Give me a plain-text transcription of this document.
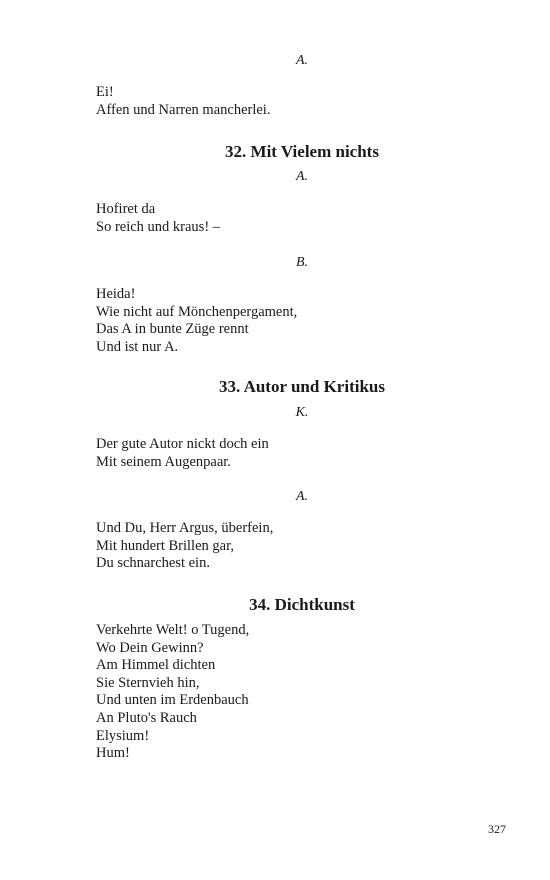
A.
Ei!
Affen und Narren mancherlei.
32. Mit Vielem nichts
A.
Hofiret da
So reich und kraus! –
B.
Heida!
Wie nicht auf Mönchenpergament,
Das A in bunte Züge rennt
Und ist nur A.
33. Autor und Kritikus
K.
Der gute Autor nickt doch ein
Mit seinem Augenpaar.
A.
Und Du, Herr Argus, überfein,
Mit hundert Brillen gar,
Du schnarchest ein.
34. Dichtkunst
Verkehrte Welt! o Tugend,
Wo Dein Gewinn?
Am Himmel dichten
Sie Sternvieh hin,
Und unten im Erdenbauch
An Pluto's Rauch
Elysium!
Hum!
327
